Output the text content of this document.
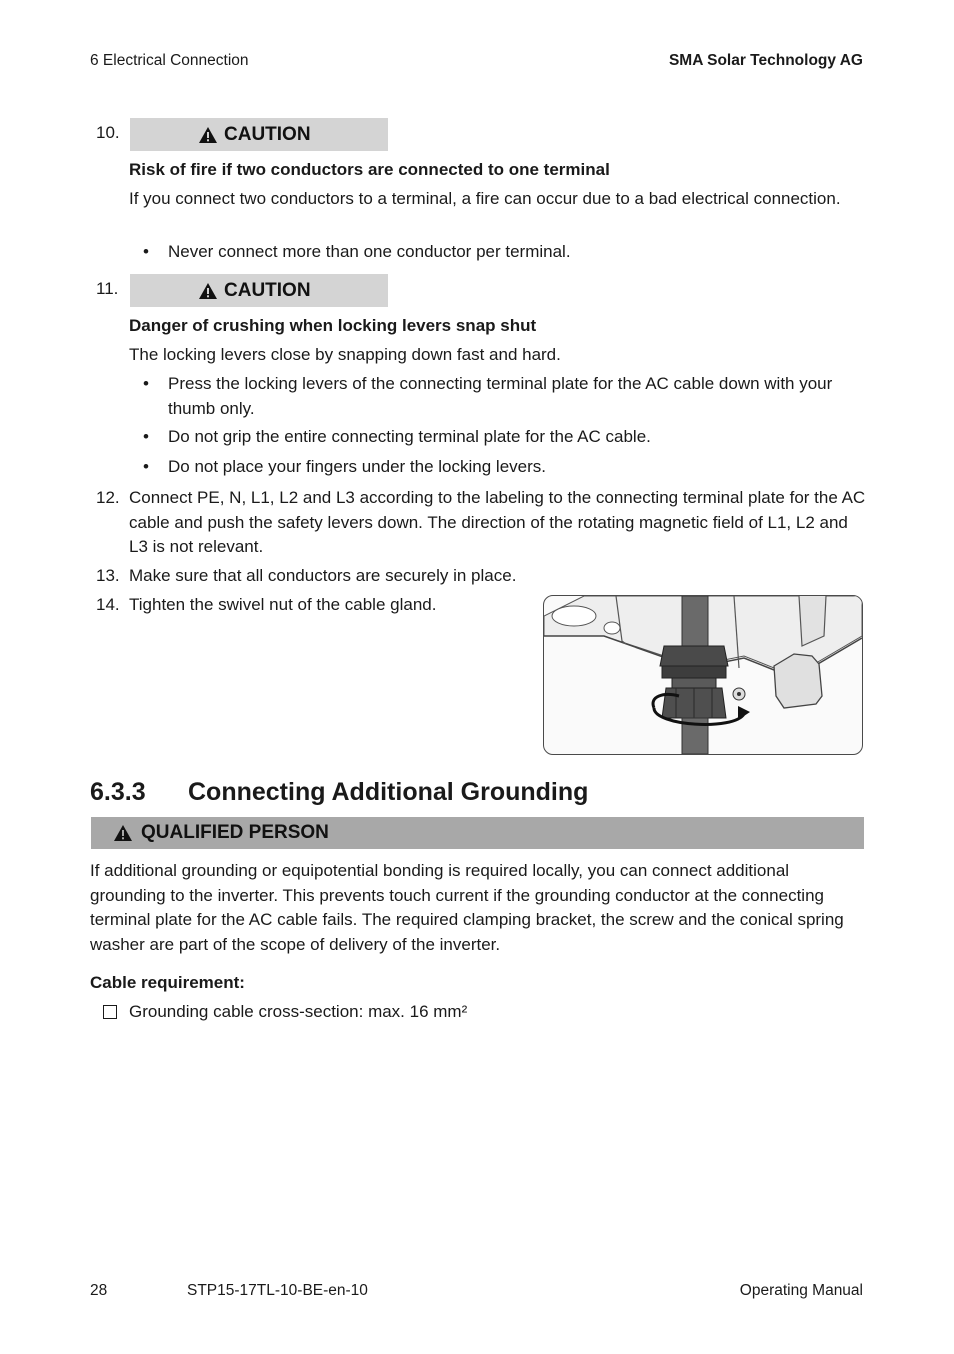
6 Electrical Connection	SMA Solar Technology AG
10.	CAUTION
Risk of fire if two conductors are connected to one terminal
If you connect two conductors to a terminal, a fire can occur due to a bad electrical connection.
• Never connect more than one conductor per terminal.
11.	CAUTION
Danger of crushing when locking levers snap shut
The locking levers close by snapping down fast and hard.
• Press the locking levers of the connecting terminal plate for the AC cable down with your thumb only.
• Do not grip the entire connecting terminal plate for the AC cable.
• Do not place your fingers under the locking levers.
12. Connect PE, N, L1, L2 and L3 according to the labeling to the connecting terminal plate for the AC cable and push the safety levers down. The direction of the rotating magnetic field of L1, L2 and L3 is not relevant.
13. Make sure that all conductors are securely in place.
14. Tighten the swivel nut of the cable gland.
6.3.3 Connecting Additional Grounding
QUALIFIED PERSON
If additional grounding or equipotential bonding is required locally, you can connect additional grounding to the inverter. This prevents touch current if the grounding conductor at the connecting terminal plate for the AC cable fails. The required clamping bracket, the screw and the conical spring washer are part of the scope of delivery of the inverter.
Cable requirement:
Grounding cable cross-section: max. 16 mm²
28	STP15-17TL-10-BE-en-10	Operating Manual
